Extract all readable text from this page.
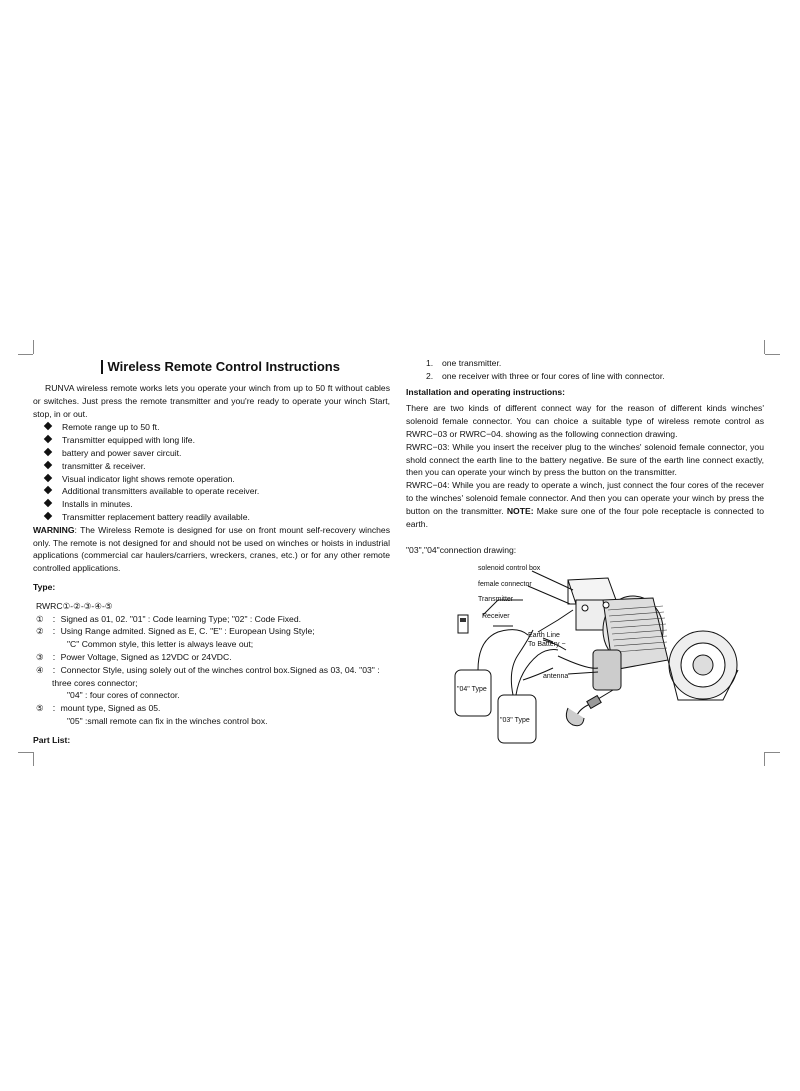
Wireless Remote Control Instructions

RUNVA wireless remote works lets you operate your winch from up to 50 ft without cables or switches. Just press the remote transmitter and you're ready to operate your winch Start, stop, in or out.

Remote range up to 50 ft.
Transmitter equipped with long life.
battery and power saver circuit.
transmitter & receiver.
Visual indicator light shows remote operation.
Additional transmitters available to operate receiver.
Installs in minutes.
Transmitter replacement battery readily available.

WARNING: The Wireless Remote is designed for use on front mount self-recovery winches only. The remote is not designed for and should not be used on winches or hoists in industrial applications (commercial car haulers/carriers, wreckers, cranes, etc.) or for any other remote controlled applications.

Type:
RWRC①-②-③-④-⑤
① ：Signed as 01, 02. "01" : Code learning Type; "02" : Code Fixed.
② ：Using Range admited. Signed as E, C. "E" : European Using Style;
"C" Common style, this letter is always leave out;
③ ：Power Voltage, Signed as 12VDC or 24VDC.
④ ：Connector Style, using solely out of the winches control box.Signed as 03, 04. "03" : three cores connector;
"04" : four cores of connector.
⑤ ：mount type, Signed as 05.
"05" :small remote can fix in the winches control box.
Part List:
1.	one transmitter.
2.	one receiver with three or four cores of line with connector.
Installation and operating instructions:

There are two kinds of different connect way for the reason of different kinds winches' solenoid female connector. You can choice a suitable type of wireless remote control as RWRC−03 or RWRC−04. showing as the following connection drawing.

RWRC−03: While you insert the receiver plug to the winches' solenoid female connector, you shold connect the earth line to the battery negative. Be sure of the earth line connect exactly, then you can operate your winch by press the button on the transmitter.

RWRC−04: While you are ready to operate a winch, just connect the four cores of the recever to the winches' solenoid female connector. And then you can operate your winch by press the button on the transmitter. NOTE: Make sure one of the four pole receptacle is connected to earth.

"03","04"connection drawing:
solenoid control box
female connector
Transmitter
Receiver
Earth Line
To Battery −
antenna
"04" Type
"03" Type
